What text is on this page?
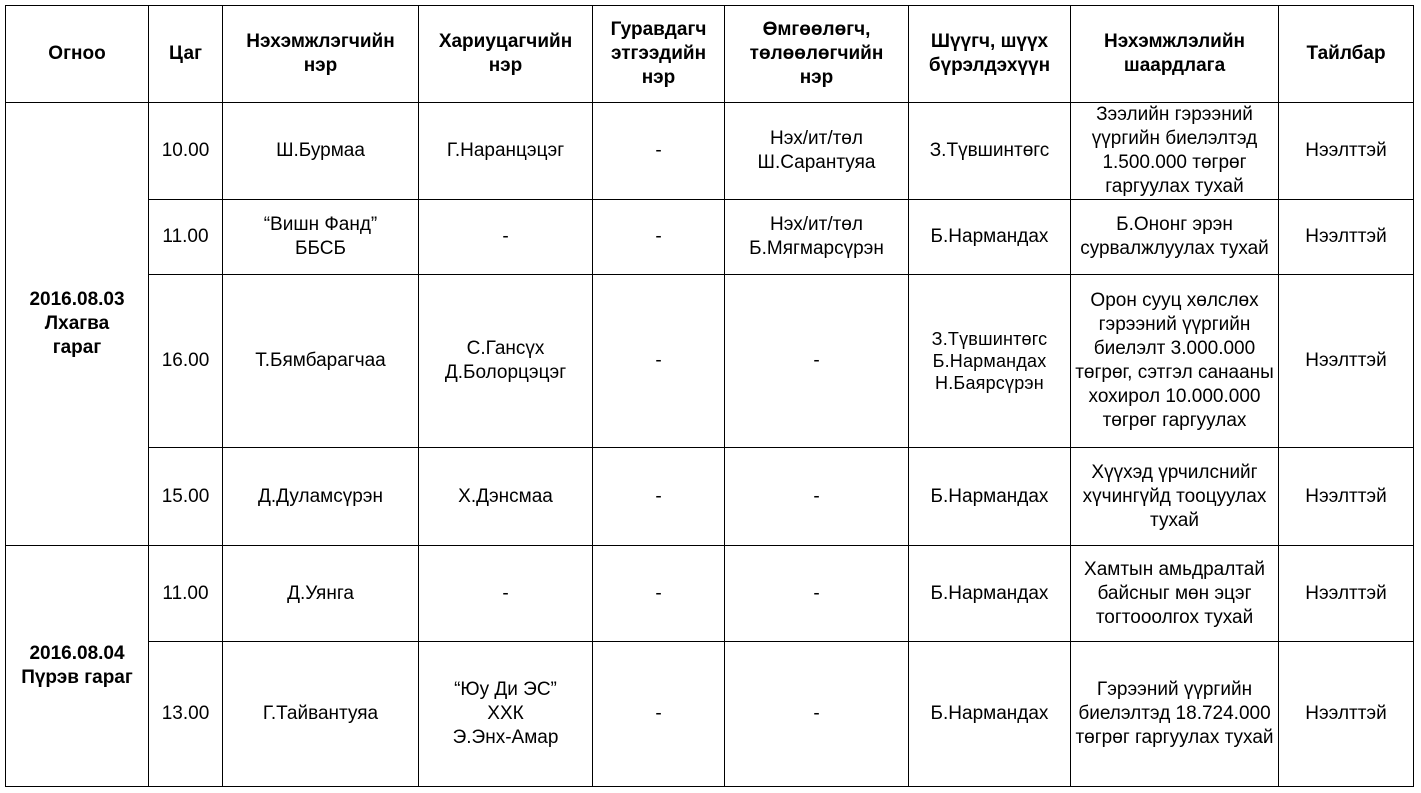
Огноо	Цаг	Нэхэмжлэгчийн
нэр	Хариуцагчийн
нэр	Гуравдагч
этгээдийн
нэр	Өмгөөлөгч,
төлөөлөгчийн
нэр	Шүүгч, шүүх
бүрэлдэхүүн	Нэхэмжлэлийн
шаардлага	Тайлбар

2016.08.03
Лхагва
гараг	10.00	Ш.Бурмаа	Г.Наранцэцэг	-	Нэх/ит/төл
Ш.Сарантуяа	З.Түвшинтөгс	Зээлийн гэрээний үүргийн биелэлтэд 1.500.000 төгрөг гаргуулах тухай	Нээлттэй

	11.00	“Вишн Фанд”
ББСБ	-	-	Нэх/ит/төл
Б.Мягмарсүрэн	Б.Нармандах	Б.Ононг эрэн сурвалжлуулах тухай	Нээлттэй

	16.00	Т.Бямбарагчаа	С.Гансүх
Д.Болорцэцэг	-	-	З.Түвшинтөгс
Б.Нармандах
Н.Баярсүрэн	Орон сууц хөлслөх гэрээний үүргийн биелэлт 3.000.000 төгрөг, сэтгэл санааны хохирол 10.000.000 төгрөг гаргуулах	Нээлттэй

	15.00	Д.Дуламсүрэн	Х.Дэнсмаа	-	-	Б.Нармандах	Хүүхэд үрчилснийг хүчингүйд тооцуулах тухай	Нээлттэй

2016.08.04
Пүрэв гараг	11.00	Д.Уянга	-	-	-	Б.Нармандах	Хамтын амьдралтай байсныг мөн эцэг тогтооолгох тухай	Нээлттэй

	13.00	Г.Тайвантуяа	“Юу Ди ЭС”
ХХК
Э.Энх-Амар	-	-	Б.Нармандах	Гэрээний үүргийн биелэлтэд 18.724.000 төгрөг гаргуулах тухай	Нээлттэй
